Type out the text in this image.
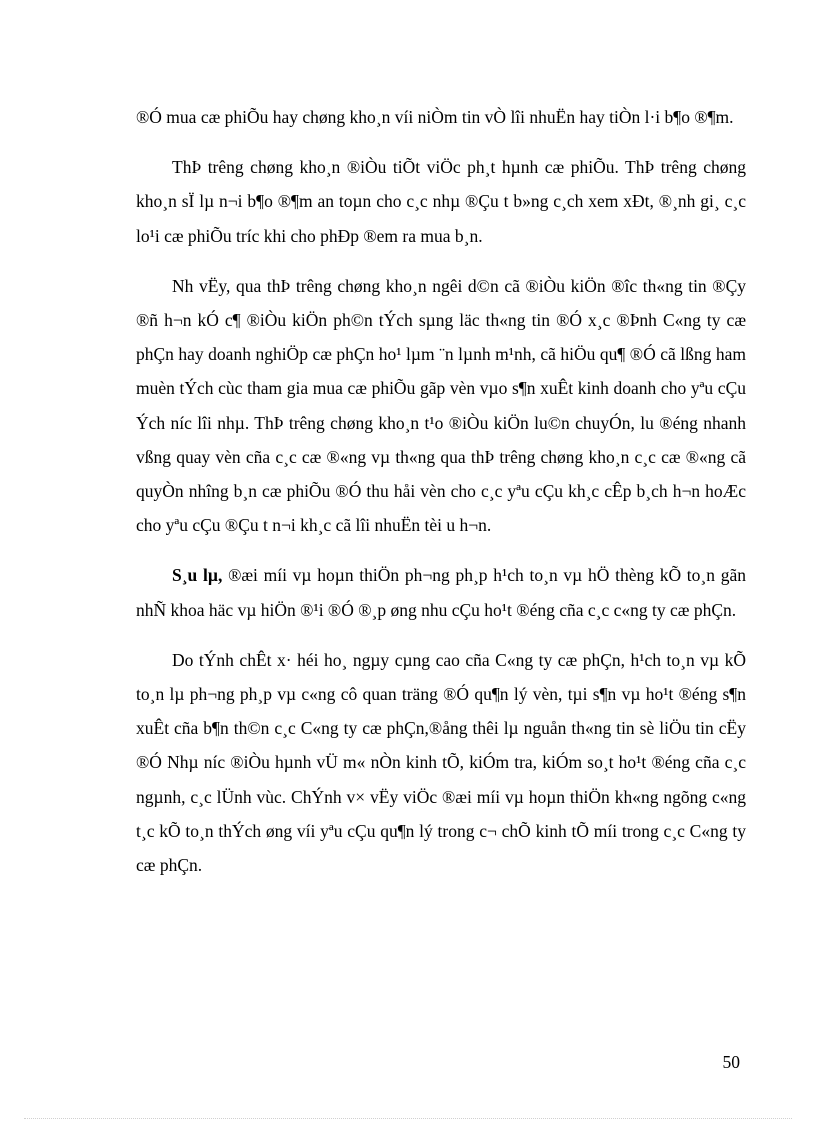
®Ó mua cæ phiÕu hay chøng kho¸n víi niÒm tin vÒ lîi nhuËn hay tiÒn l·i b¶o ®¶m.

ThÞ trêng chøng kho¸n ®iÒu tiÕt viÖc ph¸t hµnh cæ phiÕu. ThÞ trêng chøng kho¸n sÏ lµ n¬i b¶o ®¶m an toµn cho c¸c nhµ ®Çu t b»ng c¸ch xem xÐt, ®¸nh gi¸ c¸c lo¹i cæ phiÕu tríc khi cho phÐp ®em ra mua b¸n.

Nh vËy, qua thÞ trêng chøng kho¸n ngêi d©n cã ®iÒu kiÖn ®îc th«ng tin ®Çy ®ñ h¬n kÓ c¶ ®iÒu kiÖn ph©n tÝch sµng läc th«ng tin ®Ó x¸c ®Þnh C«ng ty cæ phÇn hay doanh nghiÖp cæ phÇn ho¹ lµm ¨n lµnh m¹nh, cã hiÖu qu¶ ®Ó cã lßng ham muèn tÝch cùc tham gia mua cæ phiÕu gãp vèn vµo s¶n xuÊt kinh doanh cho yªu cÇu Ých níc lîi nhµ. ThÞ trêng chøng kho¸n t¹o ®iÒu kiÖn lu©n chuyÓn, lu ®éng nhanh vßng quay vèn cña c¸c cæ ®«ng vµ th«ng qua thÞ trêng chøng kho¸n c¸c cæ ®«ng cã quyÒn nhîng b¸n cæ phiÕu ®Ó thu håi vèn cho c¸c yªu cÇu kh¸c cÊp b¸ch h¬n hoÆc cho yªu cÇu ®Çu t n¬i kh¸c cã lîi nhuËn tèi u h¬n.

S¸u lµ, ®æi míi vµ hoµn thiÖn ph¬ng ph¸p h¹ch to¸n vµ hÖ thèng kÕ to¸n gãn nhÑ khoa häc vµ hiÖn ®¹i ®Ó ®¸p øng nhu cÇu ho¹t ®éng cña c¸c c«ng ty cæ phÇn.

Do tÝnh chÊt x· héi ho¸ ngµy cµng cao cña C«ng ty cæ phÇn, h¹ch to¸n vµ kÕ to¸n lµ ph¬ng ph¸p vµ c«ng cô quan träng ®Ó qu¶n lý vèn, tµi s¶n vµ ho¹t ®éng s¶n xuÊt cña b¶n th©n c¸c C«ng ty cæ phÇn,®ång thêi lµ nguån th«ng tin sè liÖu tin cËy ®Ó Nhµ níc ®iÒu hµnh vÜ m« nÒn kinh tÕ, kiÓm tra, kiÓm so¸t ho¹t ®éng cña c¸c ngµnh, c¸c lÜnh vùc. ChÝnh v× vËy viÖc ®æi míi vµ hoµn thiÖn kh«ng ngõng c«ng t¸c kÕ to¸n thÝch øng víi yªu cÇu qu¶n lý trong c¬ chÕ kinh tÕ míi trong c¸c C«ng ty cæ phÇn.

50
